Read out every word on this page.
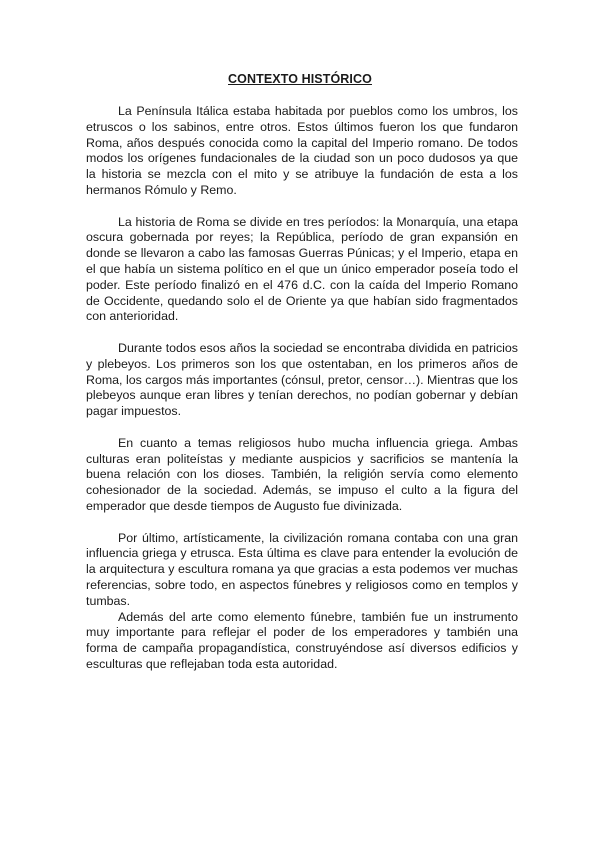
CONTEXTO HISTÓRICO

La Península Itálica estaba habitada por pueblos como los umbros, los etruscos o los sabinos, entre otros. Estos últimos fueron los que fundaron Roma, años después conocida como la capital del Imperio romano. De todos modos los orígenes fundacionales de la ciudad son un poco dudosos ya que la historia se mezcla con el mito y se atribuye la fundación de esta a los hermanos Rómulo y Remo.

La historia de Roma se divide en tres períodos: la Monarquía, una etapa oscura gobernada por reyes; la República, período de gran expansión en donde se llevaron a cabo las famosas Guerras Púnicas; y el Imperio, etapa en el que había un sistema político en el que un único emperador poseía todo el poder. Este período finalizó en el 476 d.C. con la caída del Imperio Romano de Occidente, quedando solo el de Oriente ya que habían sido fragmentados con anterioridad.

Durante todos esos años la sociedad se encontraba dividida en patricios y plebeyos. Los primeros son los que ostentaban, en los primeros años de Roma, los cargos más importantes (cónsul, pretor, censor…). Mientras que los plebeyos aunque eran libres y tenían derechos, no podían gobernar y debían pagar impuestos.

En cuanto a temas religiosos hubo mucha influencia griega. Ambas culturas eran politeístas y mediante auspicios y sacrificios se mantenía la buena relación con los dioses. También, la religión servía como elemento cohesionador de la sociedad. Además, se impuso el culto a la figura del emperador que desde tiempos de Augusto fue divinizada.

Por último, artísticamente, la civilización romana contaba con una gran influencia griega y etrusca. Esta última es clave para entender la evolución de la arquitectura y escultura romana ya que gracias a esta podemos ver muchas referencias, sobre todo, en aspectos fúnebres y religiosos como en templos y tumbas.

Además del arte como elemento fúnebre, también fue un instrumento muy importante para reflejar el poder de los emperadores y también una forma de campaña propagandística, construyéndose así diversos edificios y esculturas que reflejaban toda esta autoridad.
